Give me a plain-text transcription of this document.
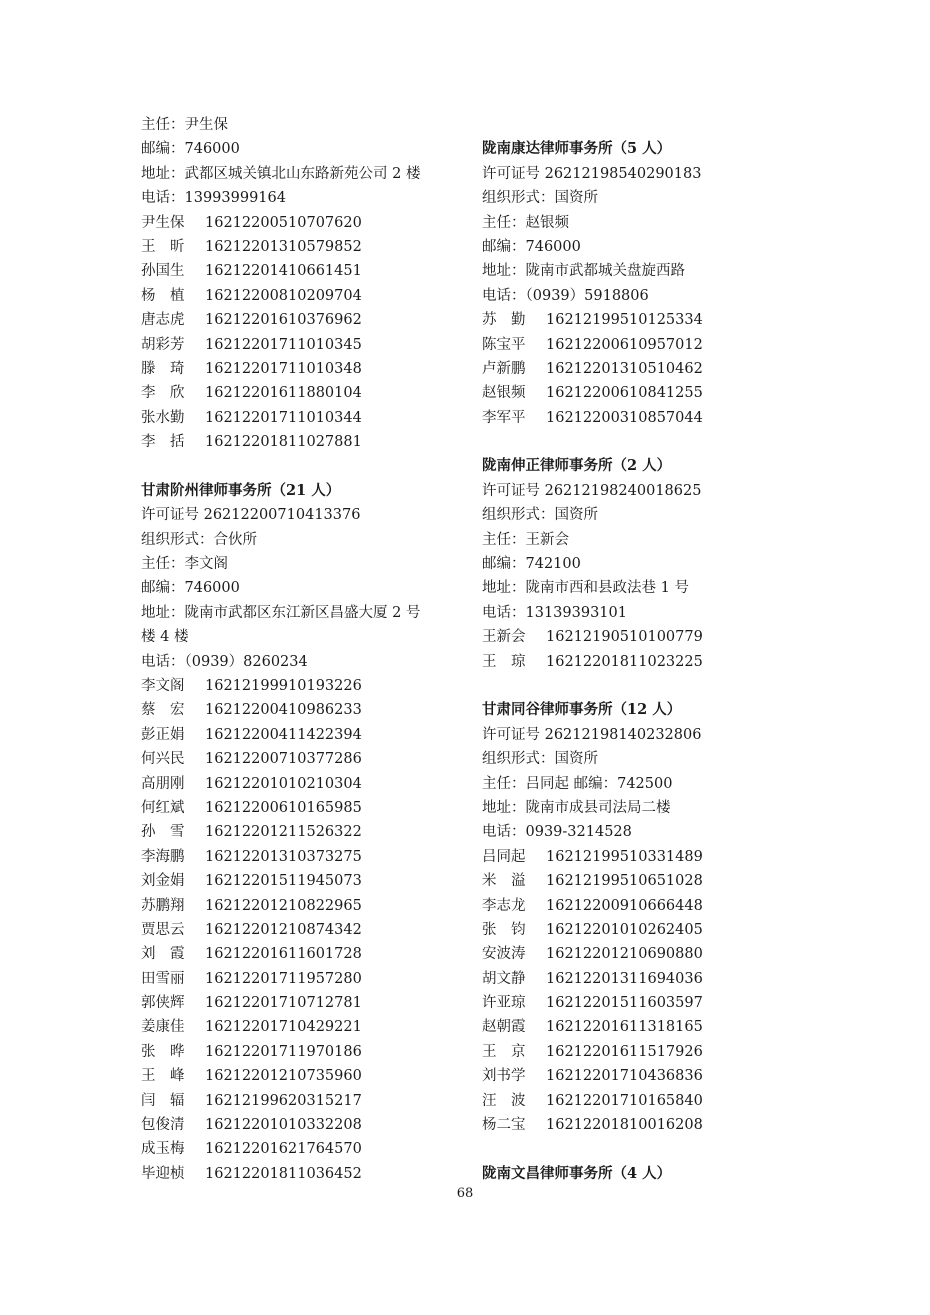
主任：尹生保
邮编：746000
地址：武都区城关镇北山东路新苑公司 2 楼
电话：13993999164
尹生保 16212200510707620
王　昕 16212201310579852
孙国生 16212201410661451
杨　植 16212200810209704
唐志虎 16212201610376962
胡彩芳 16212201711010345
滕　琦 16212201711010348
李　欣 16212201611880104
张水勤 16212201711010344
李　括 16212201811027881
甘肃阶州律师事务所（21 人）
许可证号 26212200710413376
组织形式：合伙所
主任：李文阁
邮编：746000
地址：陇南市武都区东江新区昌盛大厦 2 号
楼 4 楼
电话：（0939）8260234
李文阁 16212199910193226
蔡　宏 16212200410986233
彭正娟 16212200411422394
何兴民 16212200710377286
高朋刚 16212201010210304
何红斌 16212200610165985
孙　雪 16212201211526322
李海鹏 16212201310373275
刘金娟 16212201511945073
苏鹏翔 16212201210822965
贾思云 16212201210874342
刘　霞 16212201611601728
田雪丽 16212201711957280
郭侠辉 16212201710712781
姜康佳 16212201710429221
张　晔 16212201711970186
王　峰 16212201210735960
闫　辐 16212199620315217
包俊清 16212201010332208
成玉梅 16212201621764570
毕迎桢 16212201811036452
陇南康达律师事务所（5 人）
许可证号 26212198540290183
组织形式：国资所
主任：赵银频
邮编：746000
地址：陇南市武都城关盘旋西路
电话：（0939）5918806
苏　勤 16212199510125334
陈宝平 16212200610957012
卢新鹏 16212201310510462
赵银频 16212200610841255
李军平 16212200310857044
陇南伸正律师事务所（2 人）
许可证号 26212198240018625
组织形式：国资所
主任：王新会
邮编：742100
地址：陇南市西和县政法巷 1 号
电话：13139393101
王新会 16212190510100779
王　琼 16212201811023225
甘肃同谷律师事务所（12 人）
许可证号 26212198140232806
组织形式：国资所
主任：吕同起 邮编：742500
地址：陇南市成县司法局二楼
电话：0939-3214528
吕同起 16212199510331489
米　溢 16212199510651028
李志龙 16212200910666448
张　钧 16212201010262405
安波涛 16212201210690880
胡文静 16212201311694036
许亚琼 16212201511603597
赵朝霞 16212201611318165
王　京 16212201611517926
刘书学 16212201710436836
汪　波 16212201710165840
杨二宝 16212201810016208
陇南文昌律师事务所（4 人）
68
